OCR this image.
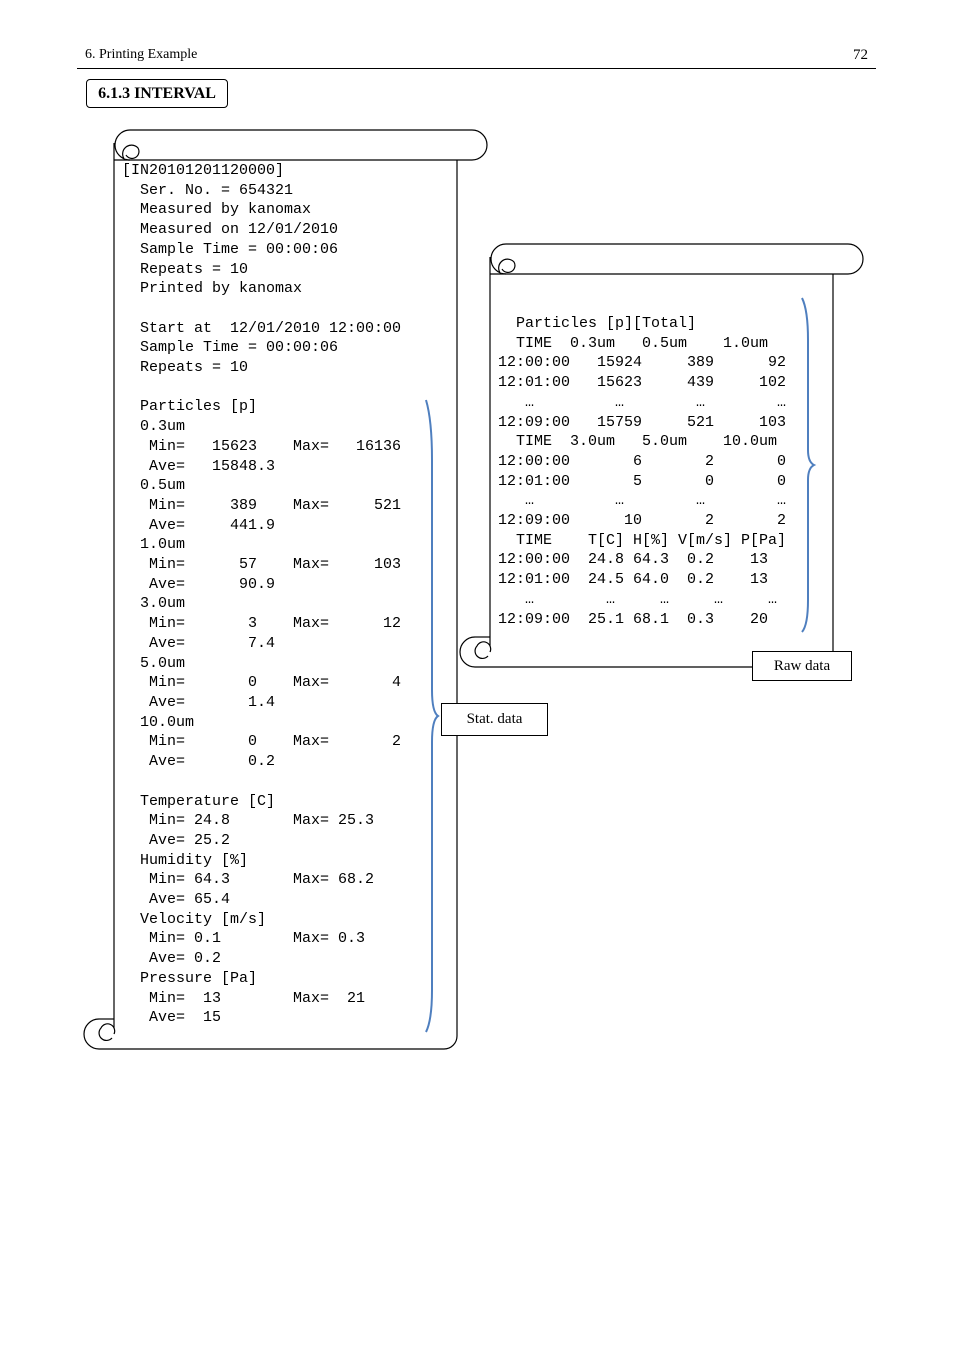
6. Printing Example	72
6.1.3 INTERVAL
[IN20101201120000]
Ser. No. = 654321
Measured by kanomax
Measured on 12/01/2010
Sample Time = 00:00:06
Repeats = 10
Printed by kanomax

Start at  12/01/2010 12:00:00
Sample Time = 00:00:06
Repeats = 10

Particles [p]
0.3um
Min=   15623    Max=   16136
Ave=   15848.3
0.5um
Min=     389    Max=     521
Ave=     441.9
1.0um
Min=      57    Max=     103
Ave=      90.9
3.0um
Min=       3    Max=      12
Ave=       7.4
5.0um
Min=       0    Max=       4
Ave=       1.4
10.0um
Min=       0    Max=       2
Ave=       0.2

Temperature [C]
Min= 24.8       Max= 25.3
Ave= 25.2
Humidity [%]
Min= 64.3       Max= 68.2
Ave= 65.4
Velocity [m/s]
Min= 0.1        Max= 0.3
Ave= 0.2
Pressure [Pa]
Min=  13        Max=  21
Ave=  15
Particles [p][Total]
TIME  0.3um   0.5um    1.0um
12:00:00   15924     389      92
12:01:00   15623     439     102
…         …        …        …
12:09:00   15759     521     103
TIME  3.0um   5.0um    10.0um
12:00:00       6       2       0
12:01:00       5       0       0
…         …        …        …
12:09:00      10       2       2
TIME    T[C] H[%] V[m/s] P[Pa]
12:00:00  24.8 64.3  0.2    13
12:01:00  24.5 64.0  0.2    13
…        …     …     …     …
12:09:00  25.1 68.1  0.3    20
Stat. data
Raw data
